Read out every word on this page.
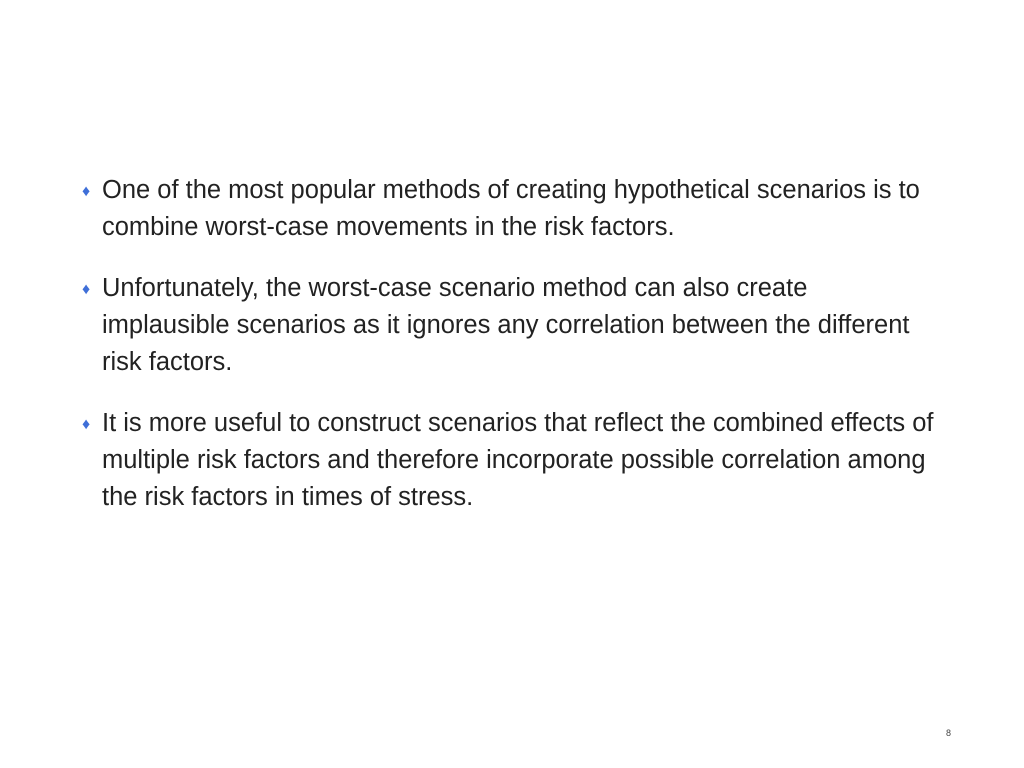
♦ One of the most popular methods of creating hypothetical scenarios is to combine worst-case movements in the risk factors.
♦ Unfortunately, the worst-case scenario method can also create implausible scenarios as it ignores any correlation between the different risk factors.
♦ It is more useful to construct scenarios that reflect the combined effects of multiple risk factors and therefore incorporate possible correlation among the risk factors in times of stress.
8
